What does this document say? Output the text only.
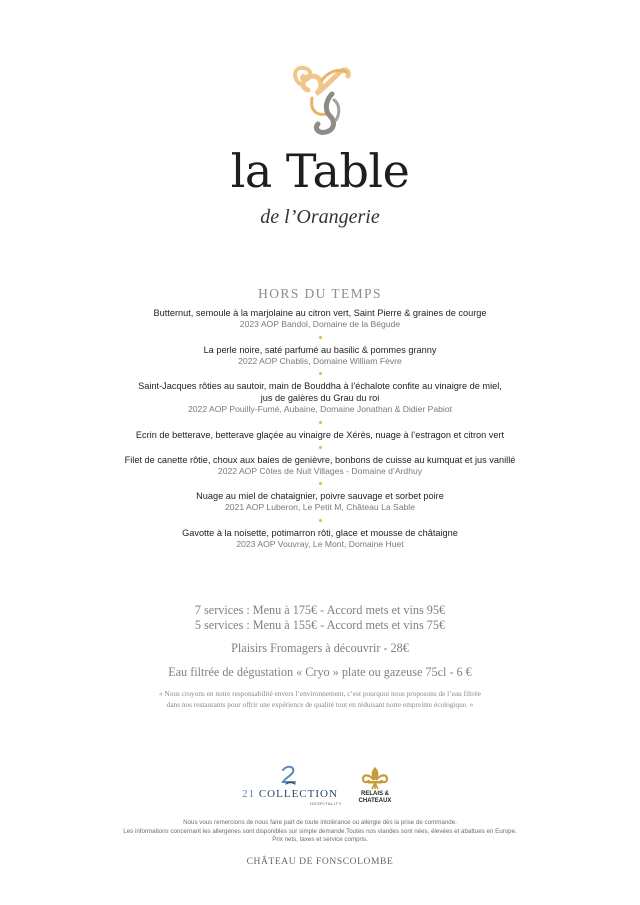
la Table
de l’Orangerie
HORS DU TEMPS
Butternut, semoule à la marjolaine au citron vert, Saint Pierre & graines de courge
2023 AOP Bandol, Domaine de la Bégude
La perle noire, saté parfumé au basilic & pommes granny
2022 AOP Chablis, Domaine William Fèvre
Saint-Jacques rôties au sautoir, main de Bouddha à l’échalote confite au vinaigre de miel,
jus de galères du Grau du roi
2022 AOP Pouilly-Fumé, Aubaine, Domaine Jonathan & Didier Pabiot
Ecrin de betterave, betterave glaçée au vinaigre de Xérès, nuage à l’estragon et citron vert
Filet de canette rôtie, choux aux baies de genièvre, bonbons de cuisse au kumquat et jus vanillé
2022 AOP Côtes de Nuit Villages - Domaine d’Ardhuy
Nuage au miel de chataignier, poivre sauvage et sorbet poire
2021 AOP Luberon, Le Petit M, Château La Sable
Gavotte à la noisette, potimarron rôti, glace et mousse de châtaigne
2023 AOP Vouvray, Le Mont, Domaine Huet
7 services : Menu à 175€ - Accord mets et vins 95€
5 services : Menu à 155€ - Accord mets et vins 75€
Plaisirs Fromagers à découvrir - 28€
Eau filtrée de dégustation « Cryo » plate ou gazeuse 75cl - 6 €
« Nous croyons en notre responsabilité envers l’environnement, c’est pourquoi nous proposons de l’eau filtrée
dans nos restaurants pour offrir une expérience de qualité tout en réduisant notre empreinte écologique. »
21 COLLECTION
HOSPITALITY
RELAIS &
CHATEAUX
Nous vous remercions de nous faire part de toute intolérance ou allergie dès la prise de commande.
Les informations concernant les allergènes sont disponibles sur simple demande.Toutes nos viandes sont nées, élevées et abattues en Europe.
Prix nets, taxes et service compris.
CHÂTEAU DE FONSCOLOMBE
